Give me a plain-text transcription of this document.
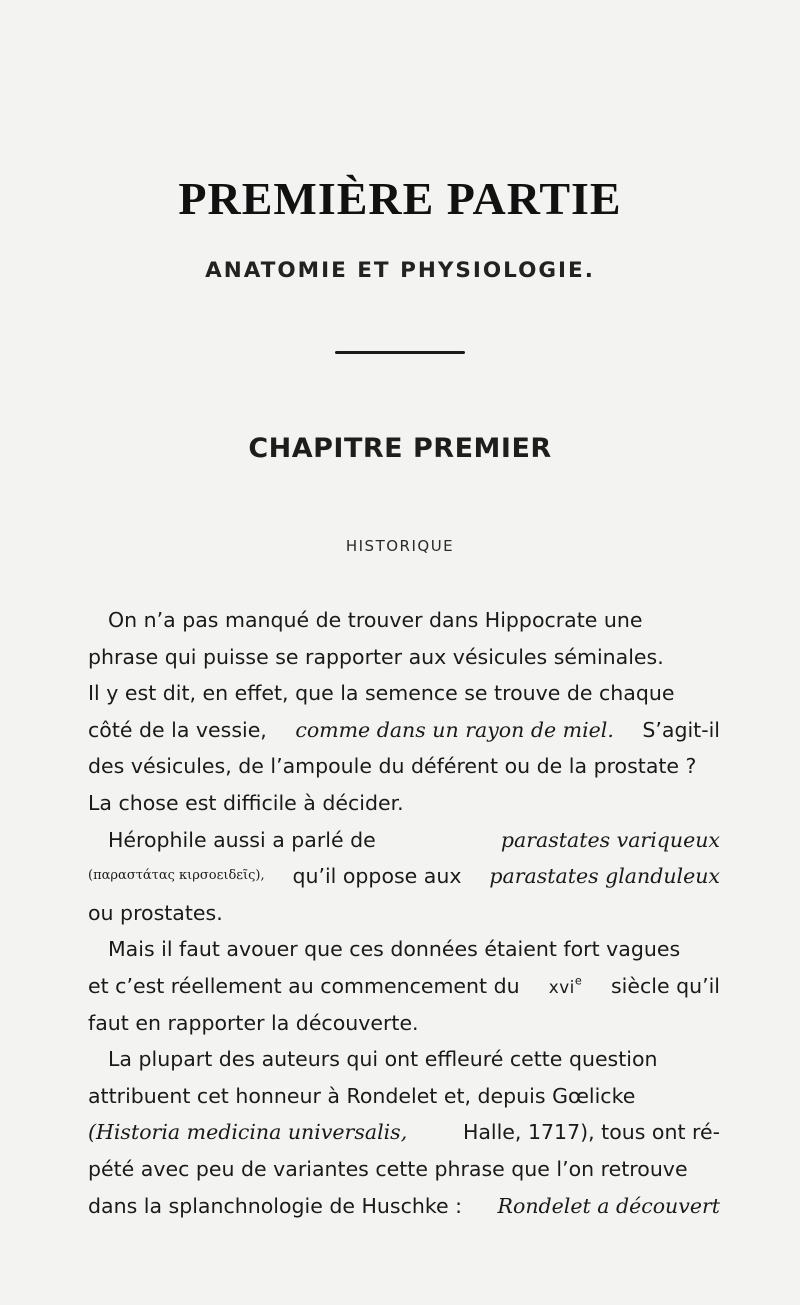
PREMIÈRE PARTIE
ANATOMIE ET PHYSIOLOGIE.
CHAPITRE PREMIER
HISTORIQUE
On n’a pas manqué de trouver dans Hippocrate une
phrase qui puisse se rapporter aux vésicules séminales.
Il y est dit, en effet, que la semence se trouve de chaque
côté de la vessie, comme dans un rayon de miel. S’agit-il
des vésicules, de l’ampoule du déférent ou de la prostate ?
La chose est difficile à décider.
Hérophile aussi a parlé de	parastates variqueux
(παραστάτας κιρσοειδεῖς), qu’il oppose aux parastates glanduleux
ou prostates.
Mais il faut avouer que ces données étaient fort vagues
et c’est réellement au commencement du xvi$^e$ siècle qu’il
faut en rapporter la découverte.
La plupart des auteurs qui ont effleuré cette question
attribuent cet honneur à Rondelet et, depuis Gœlicke
(Historia medicina universalis,	Halle, 1717), tous ont ré-
pété avec peu de variantes cette phrase que l’on retrouve
dans la splanchnologie de Huschke : Rondelet a découvert
